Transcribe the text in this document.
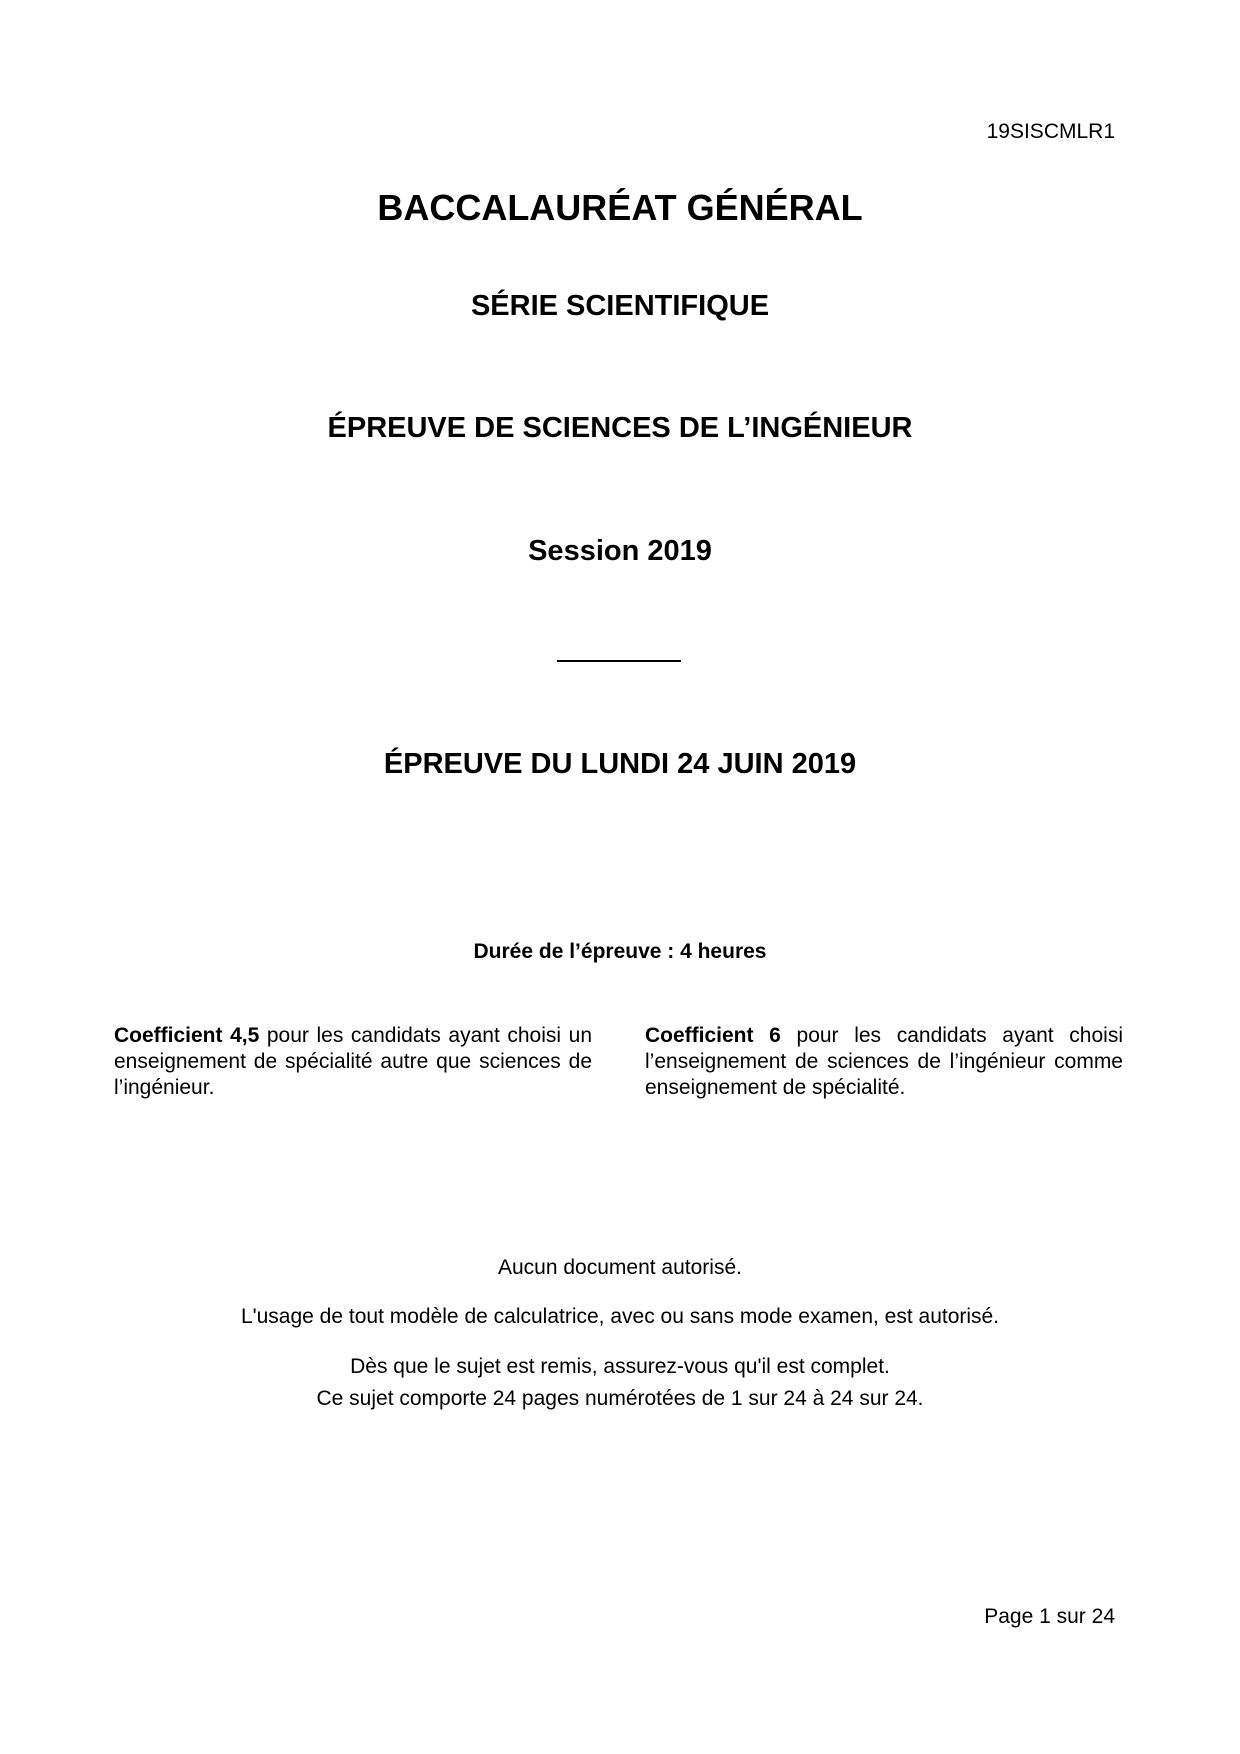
19SISCMLR1
BACCALAURÉAT GÉNÉRAL
SÉRIE SCIENTIFIQUE
ÉPREUVE DE SCIENCES DE L’INGÉNIEUR
Session 2019
ÉPREUVE DU LUNDI 24 JUIN 2019
Durée de l’épreuve : 4 heures
Coefficient 4,5 pour les candidats ayant choisi un enseignement de spécialité autre que sciences de l’ingénieur.
Coefficient 6 pour les candidats ayant choisi l’enseignement de sciences de l’ingénieur comme enseignement de spécialité.
Aucun document autorisé.
L'usage de tout modèle de calculatrice, avec ou sans mode examen, est autorisé.
Dès que le sujet est remis, assurez-vous qu'il est complet.
Ce sujet comporte 24 pages numérotées de 1 sur 24 à 24 sur 24.
Page 1 sur 24
